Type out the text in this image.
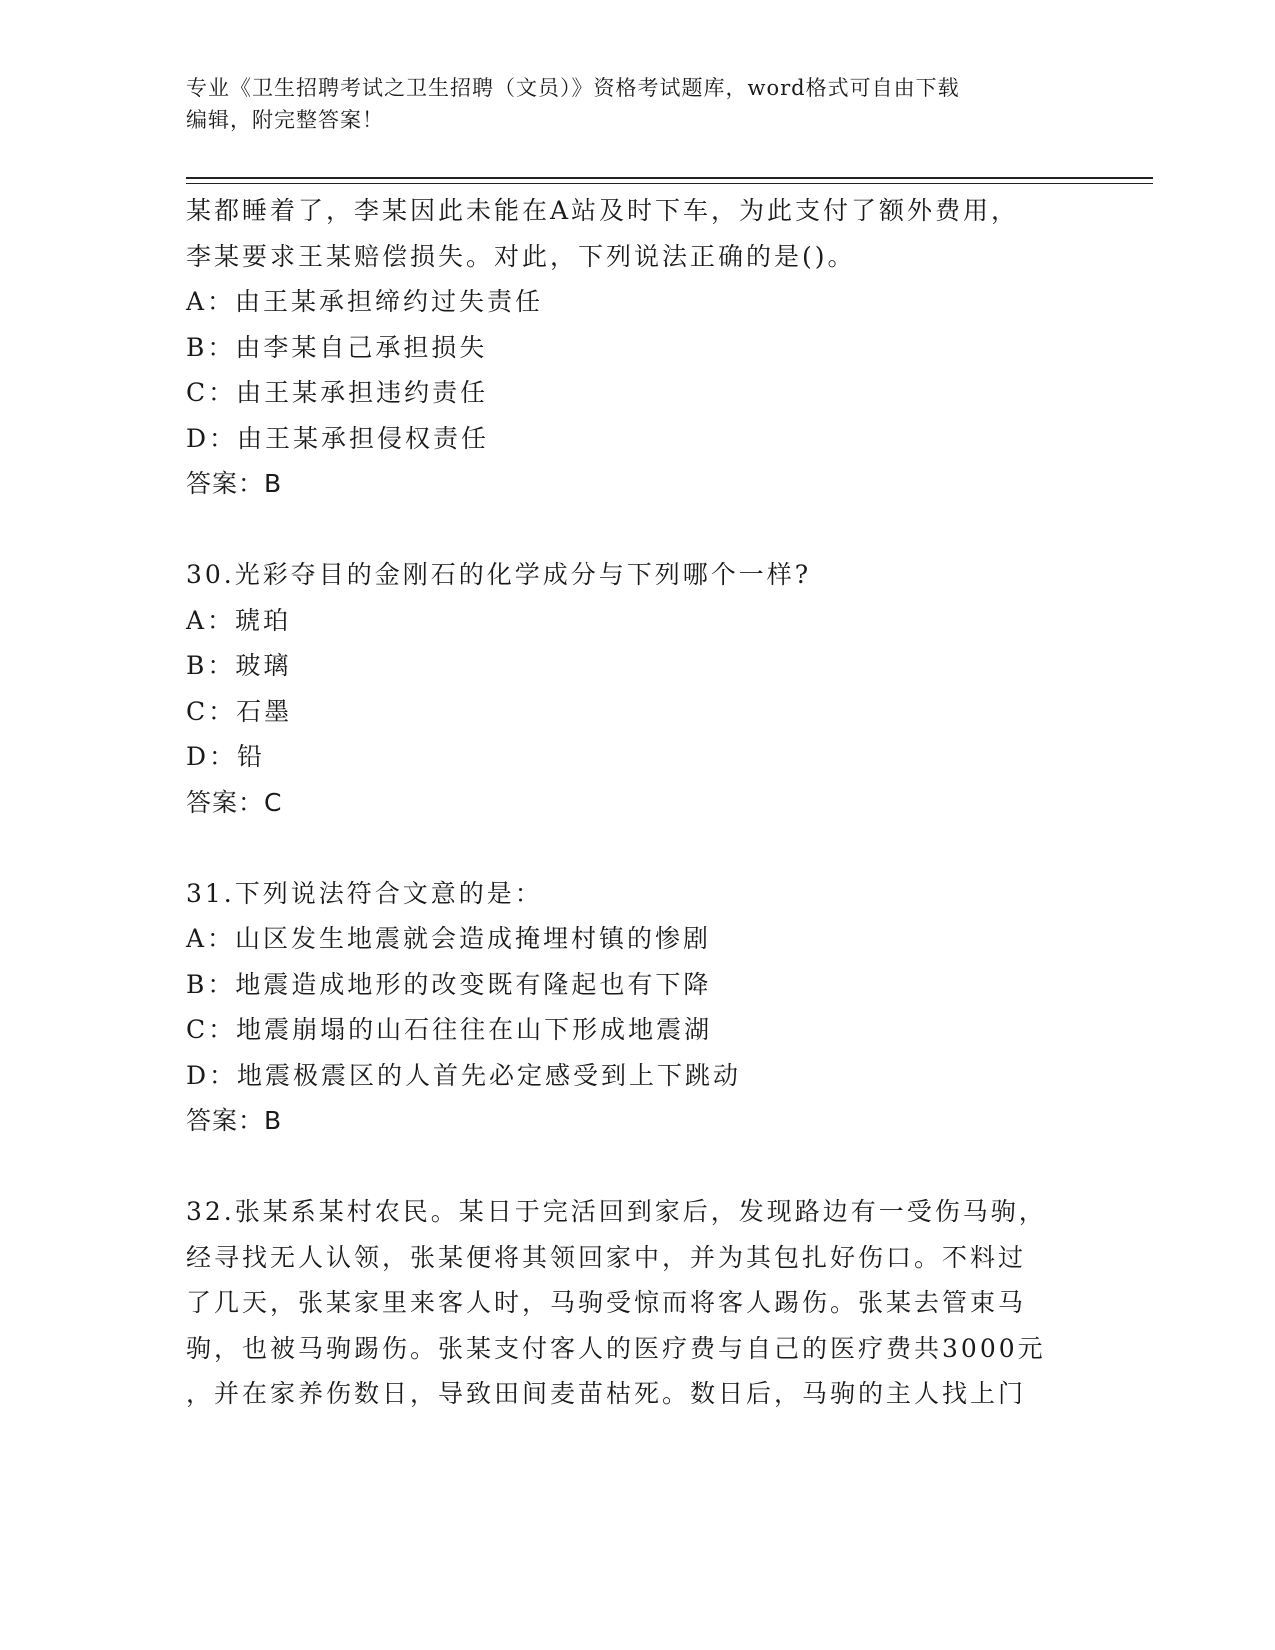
专业《卫生招聘考试之卫生招聘（文员）》资格考试题库，word格式可自由下载
编辑，附完整答案！
某都睡着了，李某因此未能在A站及时下车，为此支付了额外费用，
李某要求王某赔偿损失。对此，下列说法正确的是()。
A：由王某承担缔约过失责任
B：由李某自己承担损失
C：由王某承担违约责任
D：由王某承担侵权责任
答案：B
30.光彩夺目的金刚石的化学成分与下列哪个一样?
A：琥珀
B：玻璃
C：石墨
D：铅
答案：C
31.下列说法符合文意的是：
A：山区发生地震就会造成掩埋村镇的惨剧
B：地震造成地形的改变既有隆起也有下降
C：地震崩塌的山石往往在山下形成地震湖
D：地震极震区的人首先必定感受到上下跳动
答案：B
32.张某系某村农民。某日于完活回到家后，发现路边有一受伤马驹，
经寻找无人认领，张某便将其领回家中，并为其包扎好伤口。不料过
了几天，张某家里来客人时，马驹受惊而将客人踢伤。张某去管束马
驹，也被马驹踢伤。张某支付客人的医疗费与自己的医疗费共3000元
，并在家养伤数日，导致田间麦苗枯死。数日后，马驹的主人找上门
